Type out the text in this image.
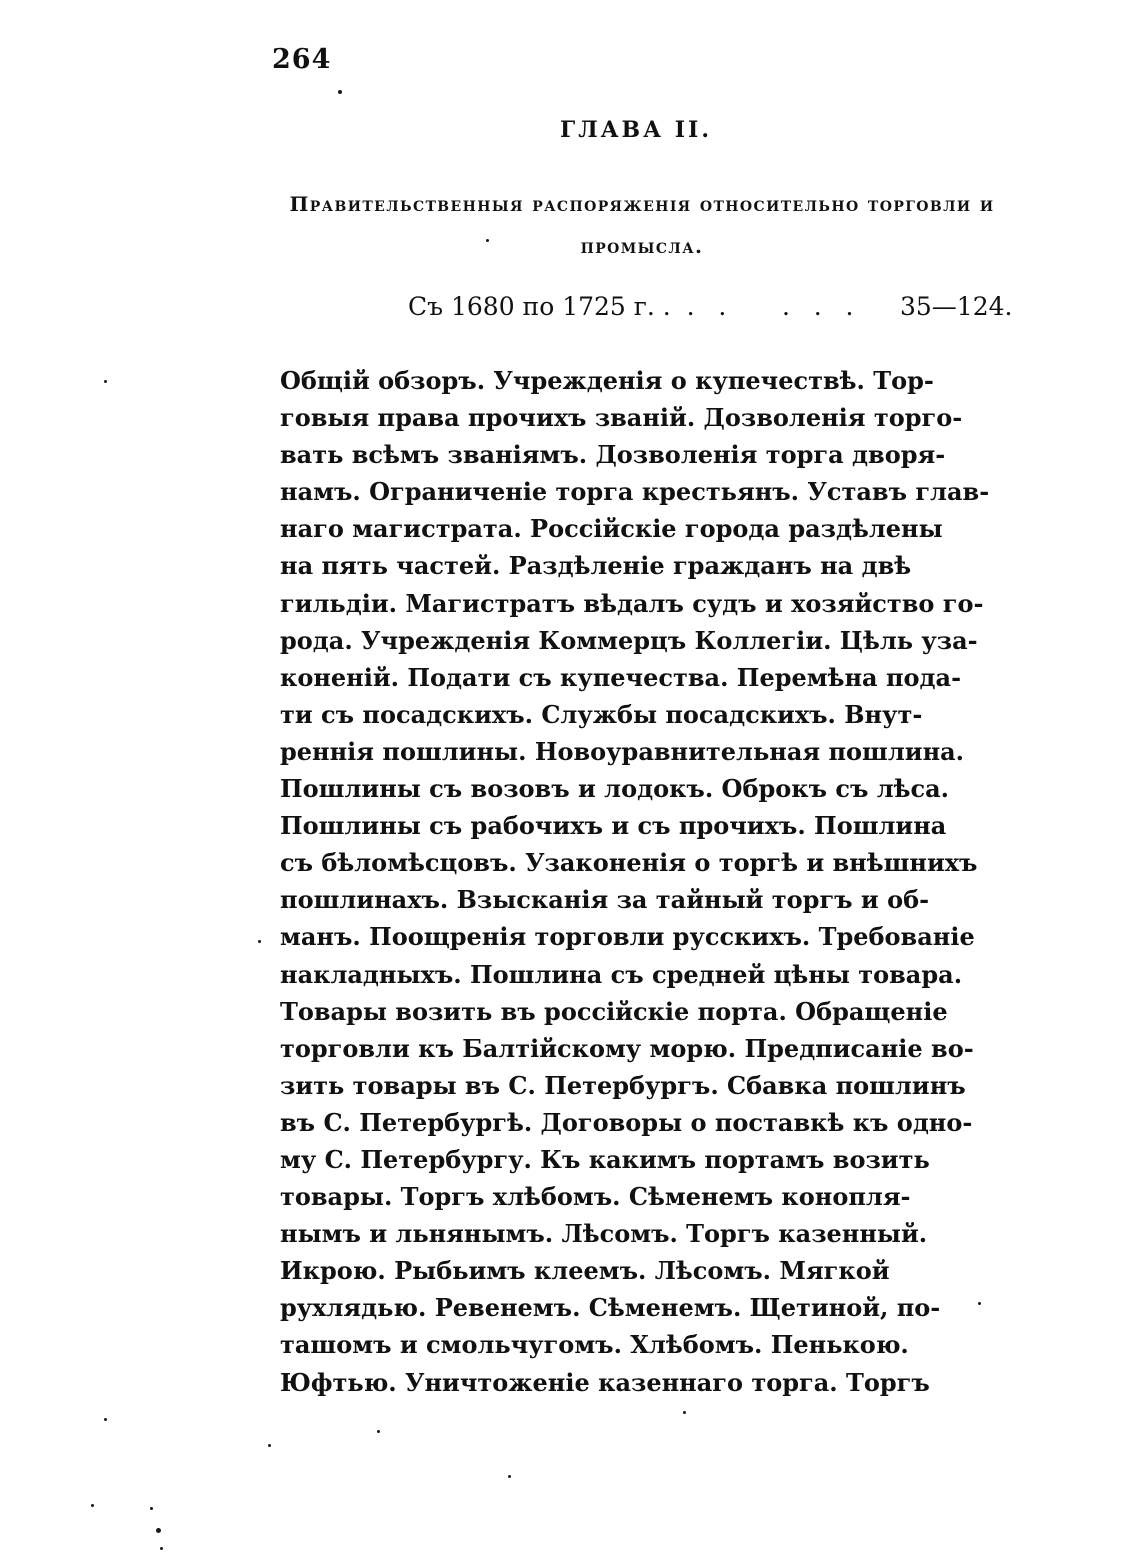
264
ГЛАВА II.
Правительственныя распоряженія относительно торговли и
промысла.
Съ 1680 по 1725 г. .  .   .       .   .   . 35—124.
Общій обзоръ. Учрежденія о купечествѣ. Тор-
говыя права прочихъ званій. Дозволенія торго-
вать всѣмъ званіямъ. Дозволенія торга дворя-
намъ. Ограниченіе торга крестьянъ. Уставъ глав-
наго магистрата. Россійскіе города раздѣлены
на пять частей. Раздѣленіе гражданъ на двѣ
гильдіи. Магистратъ вѣдалъ судъ и хозяйство го-
рода. Учрежденія Коммерцъ Коллегіи. Цѣль узa-
коненій. Подати съ купечества. Перемѣна пода-
ти съ посадскихъ. Службы посадскихъ. Внут-
реннія пошлины. Новоуравнительная пошлина.
Пошлины съ возовъ и лодокъ. Оброкъ съ лѣса.
Пошлины съ рабочихъ и съ прочихъ. Пошлина
съ бѣломѣсцовъ. Узаконенія о торгѣ и внѣшнихъ
пошлинахъ. Взысканія за тайный торгъ и об-
манъ. Поощренія торговли русскихъ. Требованіе
накладныхъ. Пошлина съ средней цѣны товара.
Товары возить въ россійскіе порта. Обращеніе
торговли къ Балтійскому морю. Предписаніе во-
зить товары въ С. Петербургъ. Сбавка пошлинъ
въ С. Петербургѣ. Договоры о поставкѣ къ одно-
му С. Петербургу. Къ какимъ портамъ возить
товары. Торгъ хлѣбомъ. Сѣменемъ конопля-
нымъ и льнянымъ. Лѣсомъ. Торгъ казенный.
Икрою. Рыбьимъ клеемъ. Лѣсомъ. Мягкой
рухлядью. Ревенемъ. Сѣменемъ. Щетиной, по-
ташомъ и смольчугомъ. Хлѣбомъ. Пенькою.
Юфтью. Уничтоженіе казеннаго торга. Торгъ
